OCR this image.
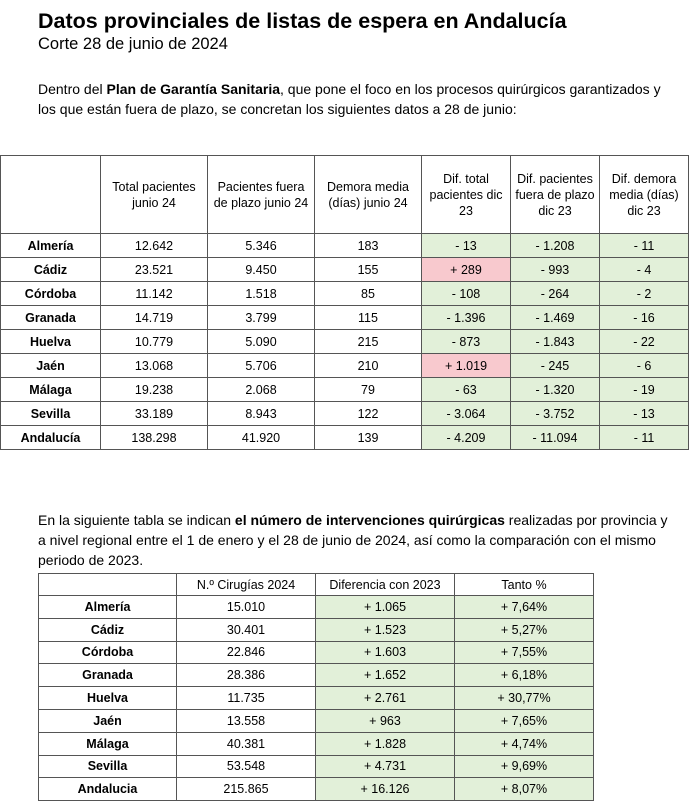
Datos provinciales de listas de espera en Andalucía

Corte 28 de junio de 2024

Dentro del Plan de Garantía Sanitaria, que pone el foco en los procesos quirúrgicos garantizados y los que están fuera de plazo, se concretan los siguientes datos a 28 de junio:

	Total pacientes junio 24	Pacientes fuera de plazo junio 24	Demora media (días) junio 24	Dif. total pacientes dic 23	Dif. pacientes fuera de plazo dic 23	Dif. demora media (días) dic 23
Almería	12.642	5.346	183	- 13	- 1.208	- 11
Cádiz	23.521	9.450	155	+ 289	- 993	- 4
Córdoba	11.142	1.518	85	- 108	- 264	- 2
Granada	14.719	3.799	115	- 1.396	- 1.469	- 16
Huelva	10.779	5.090	215	- 873	- 1.843	- 22
Jaén	13.068	5.706	210	+ 1.019	- 245	- 6
Málaga	19.238	2.068	79	- 63	- 1.320	- 19
Sevilla	33.189	8.943	122	- 3.064	- 3.752	- 13
Andalucía	138.298	41.920	139	- 4.209	- 11.094	- 11

En la siguiente tabla se indican el número de intervenciones quirúrgicas realizadas por provincia y a nivel regional entre el 1 de enero y el 28 de junio de 2024, así como la comparación con el mismo periodo de 2023.

	N.º Cirugías 2024	Diferencia con 2023	Tanto %
Almería	15.010	+ 1.065	+ 7,64%
Cádiz	30.401	+ 1.523	+ 5,27%
Córdoba	22.846	+ 1.603	+ 7,55%
Granada	28.386	+ 1.652	+ 6,18%
Huelva	11.735	+ 2.761	+ 30,77%
Jaén	13.558	+ 963	+ 7,65%
Málaga	40.381	+ 1.828	+ 4,74%
Sevilla	53.548	+ 4.731	+ 9,69%
Andalucia	215.865	+ 16.126	+ 8,07%
